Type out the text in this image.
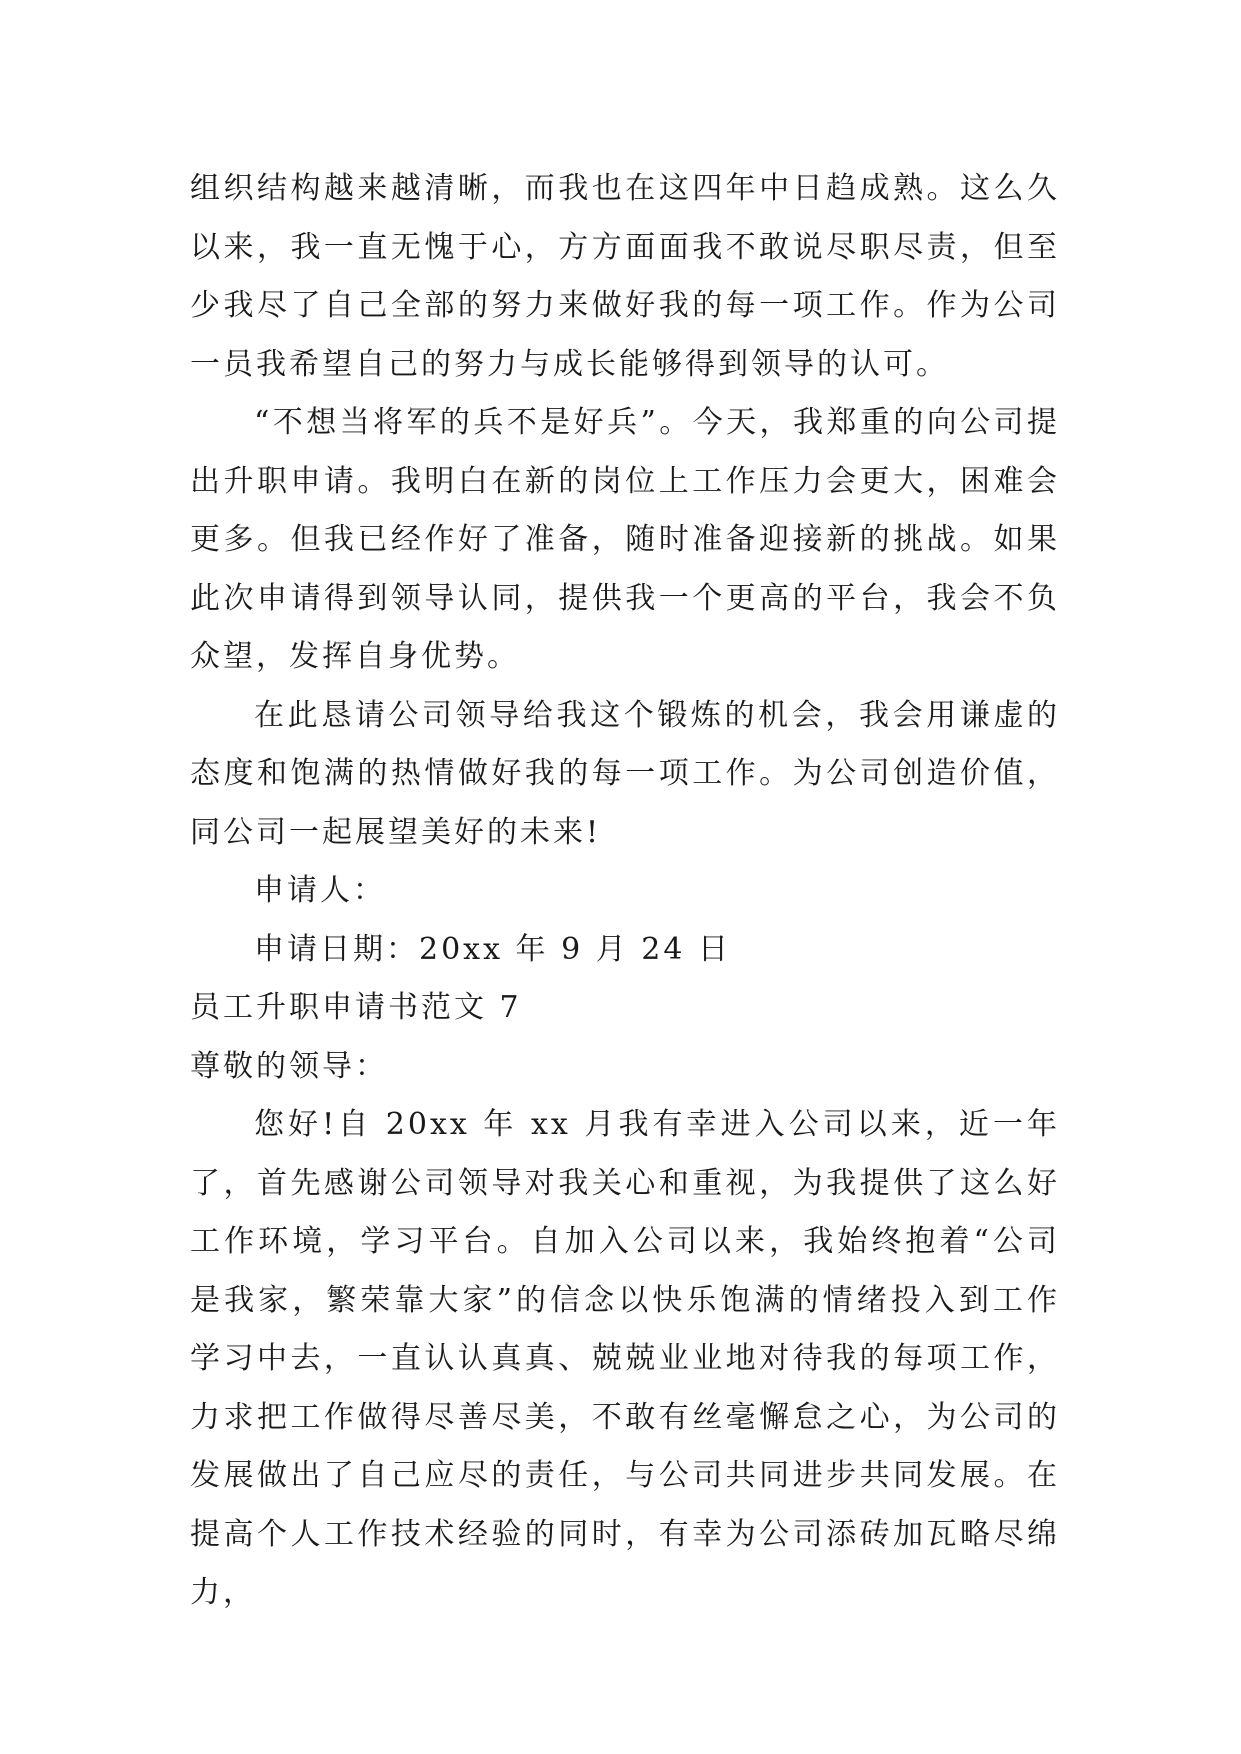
组织结构越来越清晰，而我也在这四年中日趋成熟。这么久以来，我一直无愧于心，方方面面我不敢说尽职尽责，但至少我尽了自己全部的努力来做好我的每一项工作。作为公司一员我希望自己的努力与成长能够得到领导的认可。

“不想当将军的兵不是好兵”。今天，我郑重的向公司提出升职申请。我明白在新的岗位上工作压力会更大，困难会更多。但我已经作好了准备，随时准备迎接新的挑战。如果此次申请得到领导认同，提供我一个更高的平台，我会不负众望，发挥自身优势。

在此恳请公司领导给我这个锻炼的机会，我会用谦虚的态度和饱满的热情做好我的每一项工作。为公司创造价值，同公司一起展望美好的未来!

申请人：

申请日期：20xx 年 9 月 24 日

员工升职申请书范文 7

尊敬的领导：

您好!自 20xx 年 xx 月我有幸进入公司以来，近一年了，首先感谢公司领导对我关心和重视，为我提供了这么好工作环境，学习平台。自加入公司以来，我始终抱着“公司是我家，繁荣靠大家”的信念以快乐饱满的情绪投入到工作学习中去，一直认认真真、兢兢业业地对待我的每项工作，力求把工作做得尽善尽美，不敢有丝毫懈怠之心，为公司的发展做出了自己应尽的责任，与公司共同进步共同发展。在提高个人工作技术经验的同时，有幸为公司添砖加瓦略尽绵力，
